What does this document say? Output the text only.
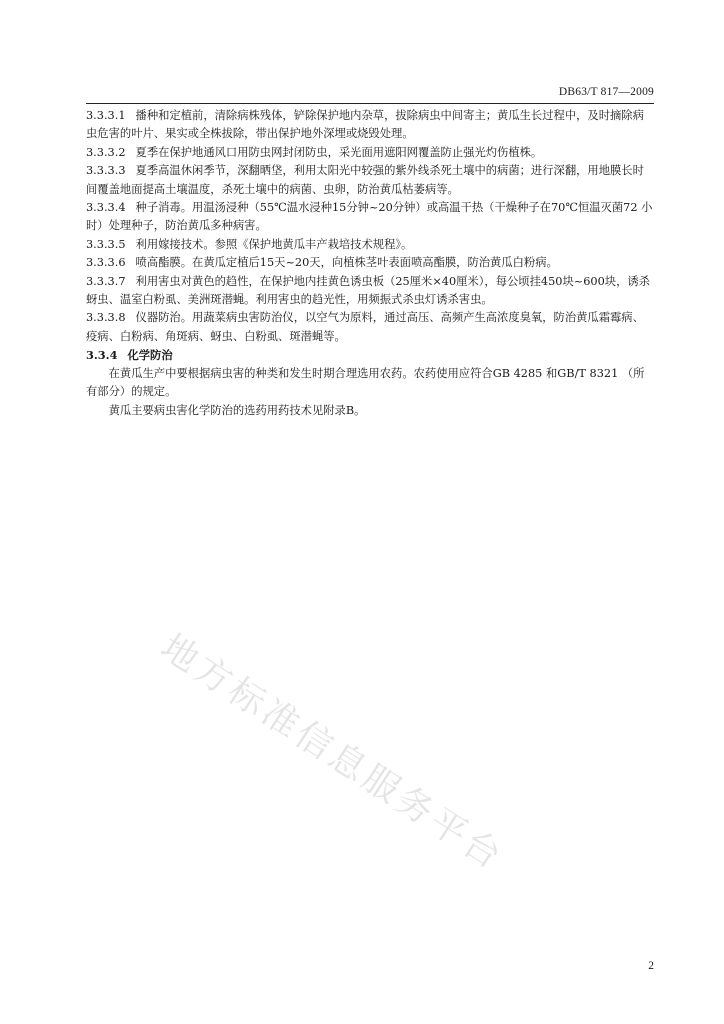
DB63/T 817—2009

3.3.3.1 播种和定植前，清除病株残体，铲除保护地内杂草，拔除病虫中间寄主；黄瓜生长过程中，及时摘除病虫危害的叶片、果实或全株拔除，带出保护地外深埋或烧毁处理。

3.3.3.2 夏季在保护地通风口用防虫网封闭防虫，采光面用遮阳网覆盖防止强光灼伤植株。

3.3.3.3 夏季高温休闲季节，深翻晒垡，利用太阳光中较强的紫外线杀死土壤中的病菌；进行深翻，用地膜长时间覆盖地面提高土壤温度，杀死土壤中的病菌、虫卵，防治黄瓜枯萎病等。

3.3.3.4 种子消毒。用温汤浸种（55℃温水浸种15分钟~20分钟）或高温干热（干燥种子在70℃恒温灭菌72 小时）处理种子，防治黄瓜多种病害。

3.3.3.5 利用嫁接技术。参照《保护地黄瓜丰产栽培技术规程》。

3.3.3.6 喷高酯膜。在黄瓜定植后15天~20天，向植株茎叶表面喷高酯膜，防治黄瓜白粉病。

3.3.3.7 利用害虫对黄色的趋性，在保护地内挂黄色诱虫板（25厘米×40厘米），每公顷挂450块~600块，诱杀蚜虫、温室白粉虱、美洲斑潜蝇。利用害虫的趋光性，用频振式杀虫灯诱杀害虫。

3.3.3.8 仪器防治。用蔬菜病虫害防治仪，以空气为原料，通过高压、高频产生高浓度臭氧，防治黄瓜霜霉病、疫病、白粉病、角斑病、蚜虫、白粉虱、斑潜蝇等。

3.3.4 化学防治

在黄瓜生产中要根据病虫害的种类和发生时期合理选用农药。农药使用应符合GB 4285 和GB/T 8321 （所有部分）的规定。

黄瓜主要病虫害化学防治的选药用药技术见附录B。

地方标准信息服务平台
2
